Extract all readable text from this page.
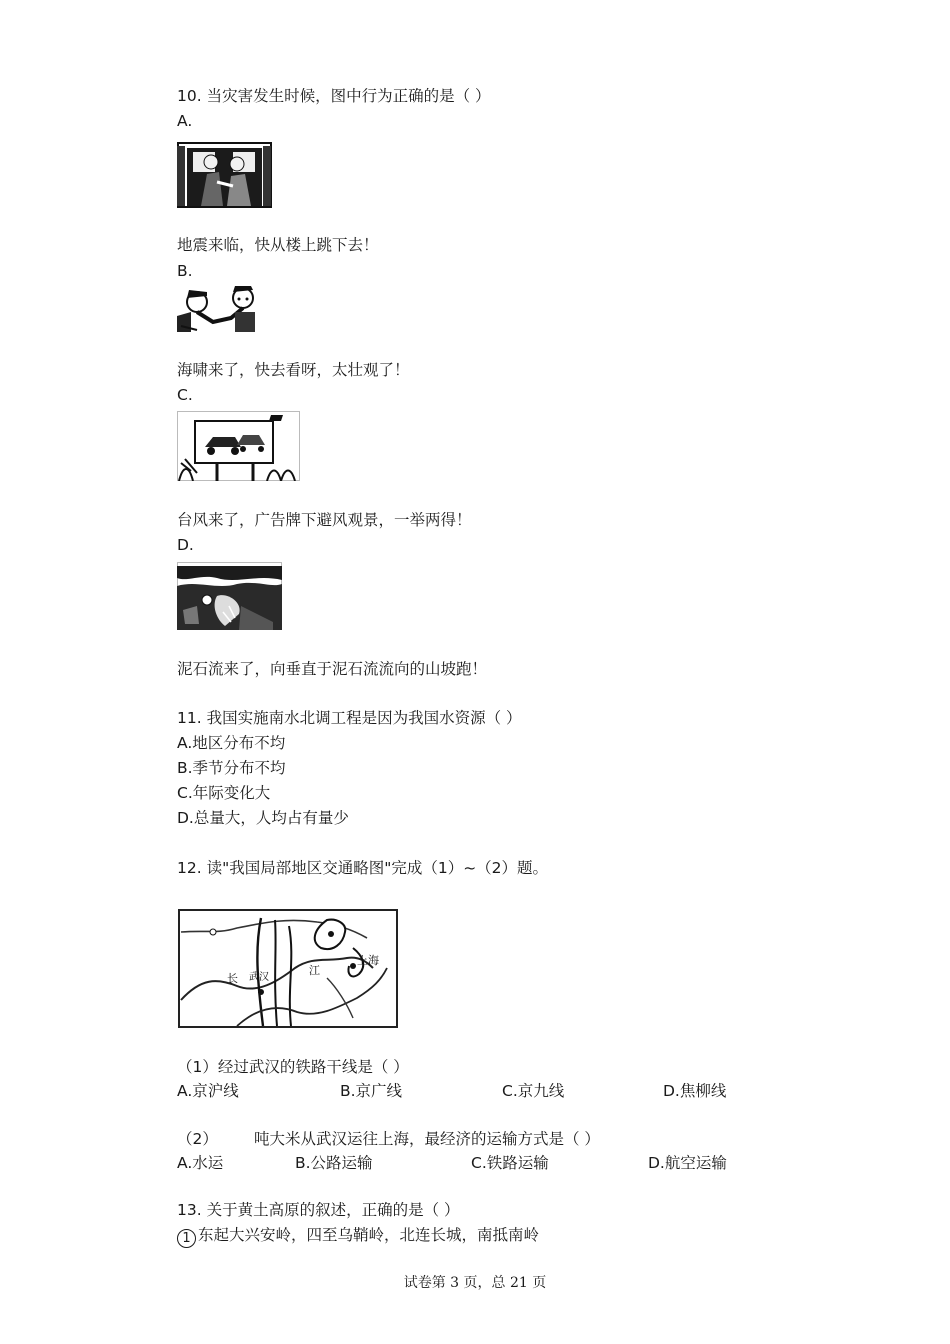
10. 当灾害发生时候，图中行为正确的是（ ）
A.
地震来临，快从楼上跳下去！
B.
海啸来了，快去看呀，太壮观了！
C.
台风来了，广告牌下避风观景，一举两得！
D.
泥石流来了，向垂直于泥石流流向的山坡跑！
11. 我国实施南水北调工程是因为我国水资源（ ）
A.地区分布不均
B.季节分布不均
C.年际变化大
D.总量大，人均占有量少
12. 读"我国局部地区交通略图"完成（1）~（2）题。
长 武汉
江
上海
（1）经过武汉的铁路干线是（ ）
A.京沪线	B.京广线	C.京九线	D.焦柳线
（2） 吨大米从武汉运往上海，最经济的运输方式是（ ）
A.水运	B.公路运输	C.铁路运输	D.航空运输
13. 关于黄土高原的叙述，正确的是（ ）
1 东起大兴安岭，四至乌鞘岭，北连长城，南抵南岭
试卷第 3 页，总 21 页
